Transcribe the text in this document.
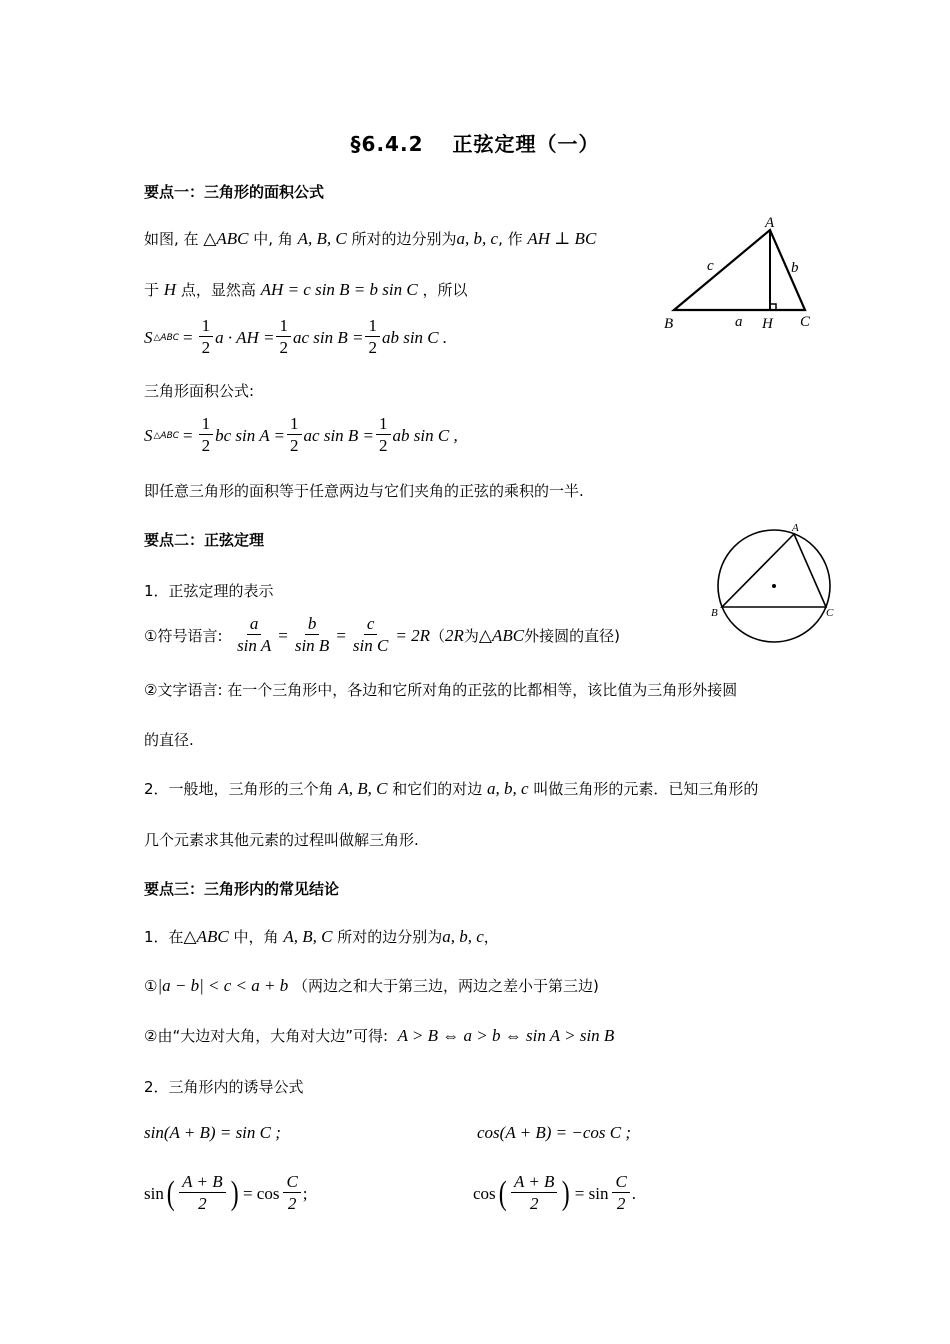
§6.4.2　 正弦定理（一）
要点一：三角形的面积公式
如图, 在
△ABC
中, 角
A, B, C
所对的边分别为 a, b, c , 作
AH ⊥ BC
于
H
点，显然高
AH = c sin B = b sin C
，所以
S △ABC = $\frac{1}{2}$ a · AH = $\frac{1}{2}$ ac $\sin B = \frac{1}{2}$ ab sin C .
三角形面积公式:
S △ABC = $\frac{1}{2}$ bc $\sin A = \frac{1}{2}$ ac $\sin B = \frac{1}{2}$ ab sin C ,
即任意三角形的面积等于任意两边与它们夹角的正弦的乘积的一半.
A
B	C
H
a
b
c
要点二：正弦定理
1．正弦定理的表示
①符号语言:
$\frac{a}{\text{sin A}} = \frac{b}{\text{sin B}} = \frac{c}{\text{sin C}} = 2R$ （ 2R 为 △ABC 外接圆的直径)
②文字语言: 在一个三角形中，各边和它所对角的正弦的比都相等，该比值为三角形外接圆
的直径.
2．一般地，三角形的三个角
A, B, C
和它们的对边
a, b, c
叫做三角形的元素．已知三角形的
几个元素求其他元素的过程叫做解三角形.
A
B	C
要点三：三角形内的常见结论
1．在 △ABC
中，角
A, B, C
所对的边分别为 a, b, c ，
① |a − b| < c < a + b
（两边之和大于第三边，两边之差小于第三边)
②由“大边对大角，大角对大边”可得:
A > B ⇔ a > b ⇔ sin A > sin B
2．三角形内的诱导公式
sin(A + B) = sin C ;	cos(A + B) = −cos C ;
sin ( $\frac{A + B}{2}$ ) = $\cos \frac{C}{2}$ ;	cos ( $\frac{A + B}{2}$ ) = $\sin \frac{C}{2}$ .
